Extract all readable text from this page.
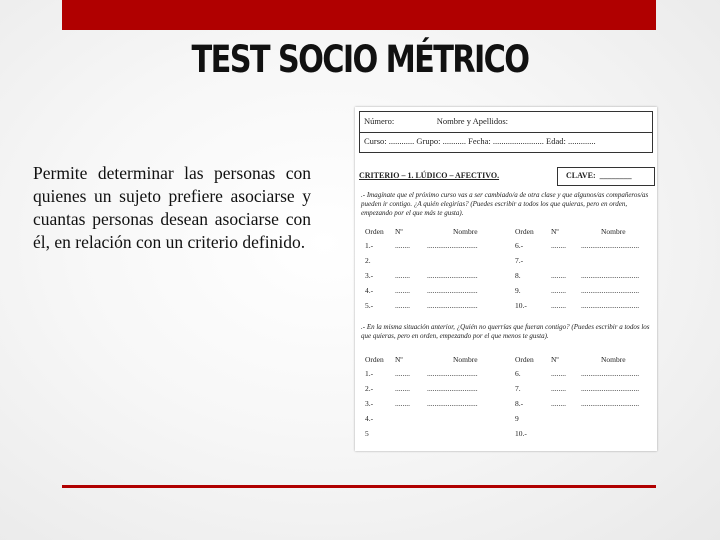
TEST SOCIO MÉTRICO
Permite determinar las personas con quienes un sujeto prefiere asociarse y cuantas personas desean asociarse con él, en relación con un criterio definido.
Número:                    Nombre y Apellidos:
Curso: ............ Grupo: ........... Fecha: ........................ Edad: .............
CRITERIO – 1. LÚDICO – AFECTIVO.	CLAVE:  ________
.- Imagínate que el próximo curso vas a ser cambiado/a de otra clase y que algunos/as compañeros/as pueden ir contigo. ¿A quién elegirías? (Puedes escribir a todos los que quieras, pero en orden, empezando por el que más te gusta).
Orden Nº	Nombre	Orden Nº	Nombre
1.-	........ ...........................	6.-	........ ...............................
2.	7.-
3.-	........ ...........................	8.	........ ...............................
4.-	........ ...........................	9.	........ ...............................
5.-	........ ...........................	10.-	........ ...............................
.- En la misma situación anterior, ¿Quién no querrías que fueran contigo? (Puedes escribir a todos los que quieras, pero en orden, empezando por el que menos te gusta).
Orden Nº	Nombre	Orden Nº	Nombre
1.-	........ ...........................	6.	........ ...............................
2.-	........ ...........................	7.	........ ...............................
3.-	........ ...........................	8.-	........ ...............................
4.-	9
5	10.-
